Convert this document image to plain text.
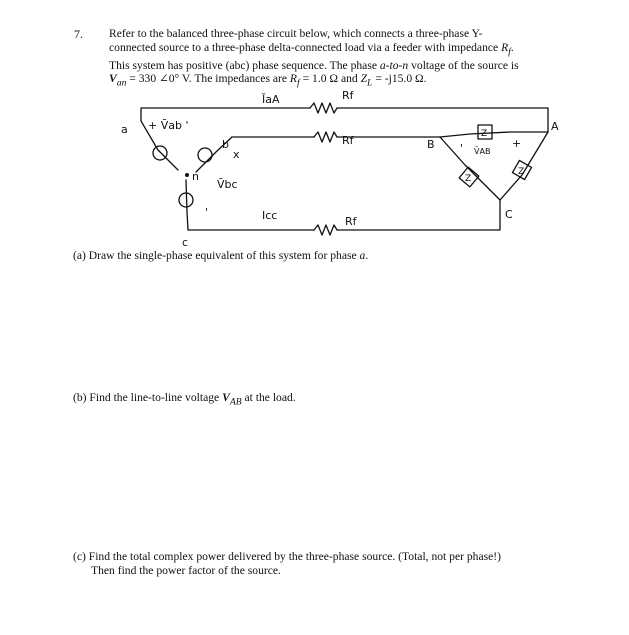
7. Refer to the balanced three-phase circuit below, which connects a three-phase Y-
connected source to a three-phase delta-connected load via a feeder with impedance $R_f$.
This system has positive (abc) phase sequence. The phase a-to-n voltage of the source is
$V_{an} = 330$ ∠0° V. The impedances are $R_f = 1.0$ Ω and $Z_L = -j15.0$ Ω.
ĪaA	Rf
Rf
Rf
+ V̄ab '
a
b
x
n
V̄bc
c
Icc
B
A
C
V̄AB
Z
Z
Z
+
'
'
(a) Draw the single-phase equivalent of this system for phase a.
(b) Find the line-to-line voltage $V_{AB}$ at the load.
(c) Find the total complex power delivered by the three-phase source. (Total, not per phase!)
Then find the power factor of the source.
